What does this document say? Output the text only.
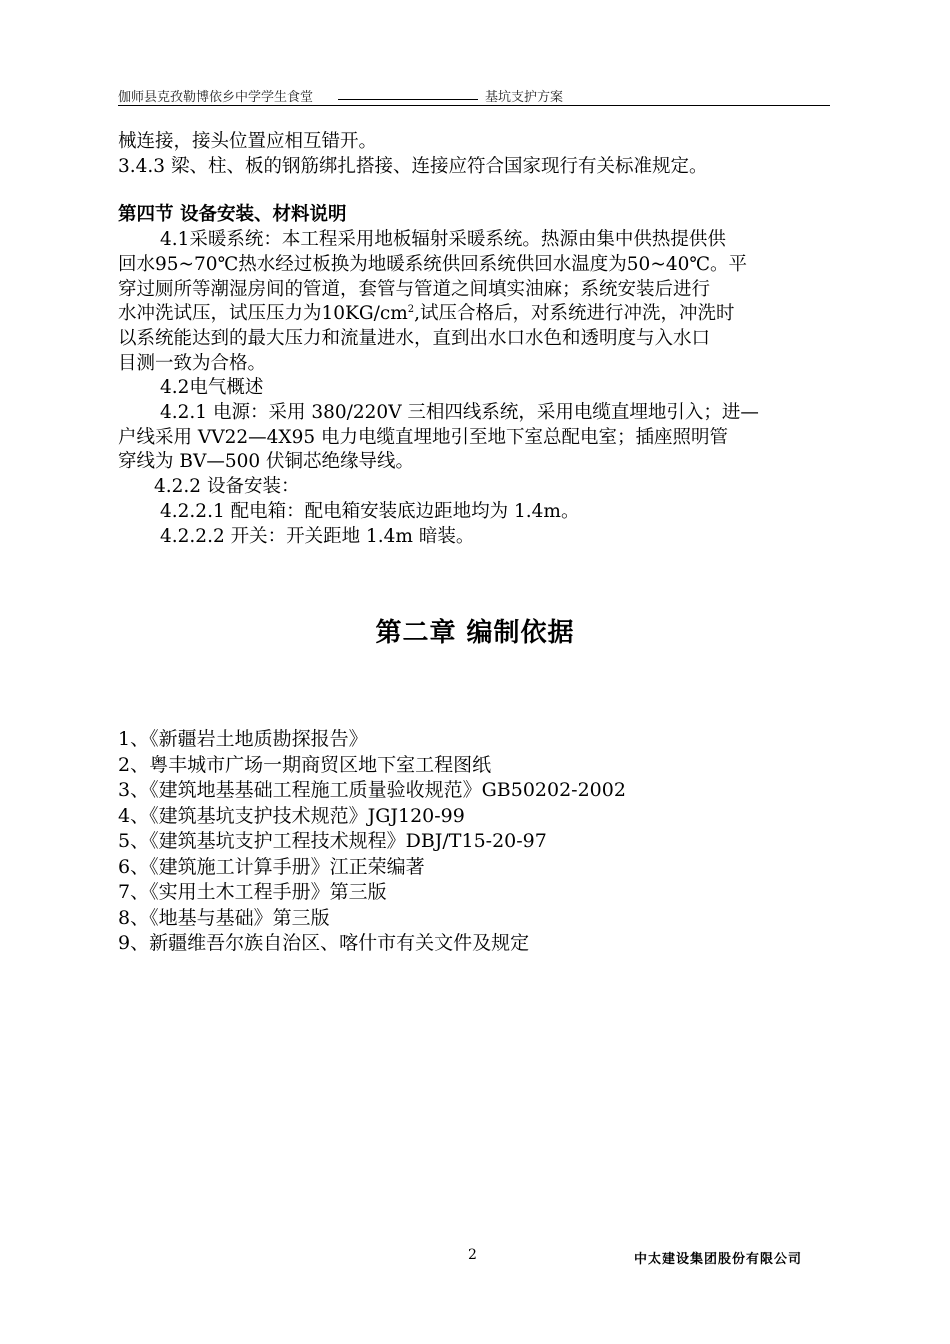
伽师县克孜勒博依乡中学学生食堂	基坑支护方案
械连接，接头位置应相互错开。
3.4.3 梁、柱、板的钢筋绑扎搭接、连接应符合国家现行有关标准规定。
第四节 设备安装、材料说明
4.1采暖系统：本工程采用地板辐射采暖系统。热源由集中供热提供供
回水95~70℃热水经过板换为地暖系统供回系统供回水温度为50~40℃。平
穿过厕所等潮湿房间的管道，套管与管道之间填实油麻；系统安装后进行
水冲洗试压，试压压力为$10KG/cm^2$,试压合格后，对系统进行冲洗，冲洗时
以系统能达到的最大压力和流量进水，直到出水口水色和透明度与入水口
目测一致为合格。
4.2电气概述
4.2.1 电源：采用 380/220V 三相四线系统，采用电缆直埋地引入；进—
户线采用 VV22—4X95 电力电缆直埋地引至地下室总配电室；插座照明管
穿线为 BV—500 伏铜芯绝缘导线。
4.2.2 设备安装：
4.2.2.1 配电箱：配电箱安装底边距地均为 1.4m。
4.2.2.2 开关：开关距地 1.4m 暗装。
第二章 编制依据
1、《新疆岩土地质勘探报告》
2、粤丰城市广场一期商贸区地下室工程图纸
3、《建筑地基基础工程施工质量验收规范》GB50202-2002
4、《建筑基坑支护技术规范》JGJ120-99
5、《建筑基坑支护工程技术规程》DBJ/T15-20-97
6、《建筑施工计算手册》江正荣编著
7、《实用土木工程手册》第三版
8、《地基与基础》第三版
9、新疆维吾尔族自治区、喀什市有关文件及规定
2	中太建设集团股份有限公司
